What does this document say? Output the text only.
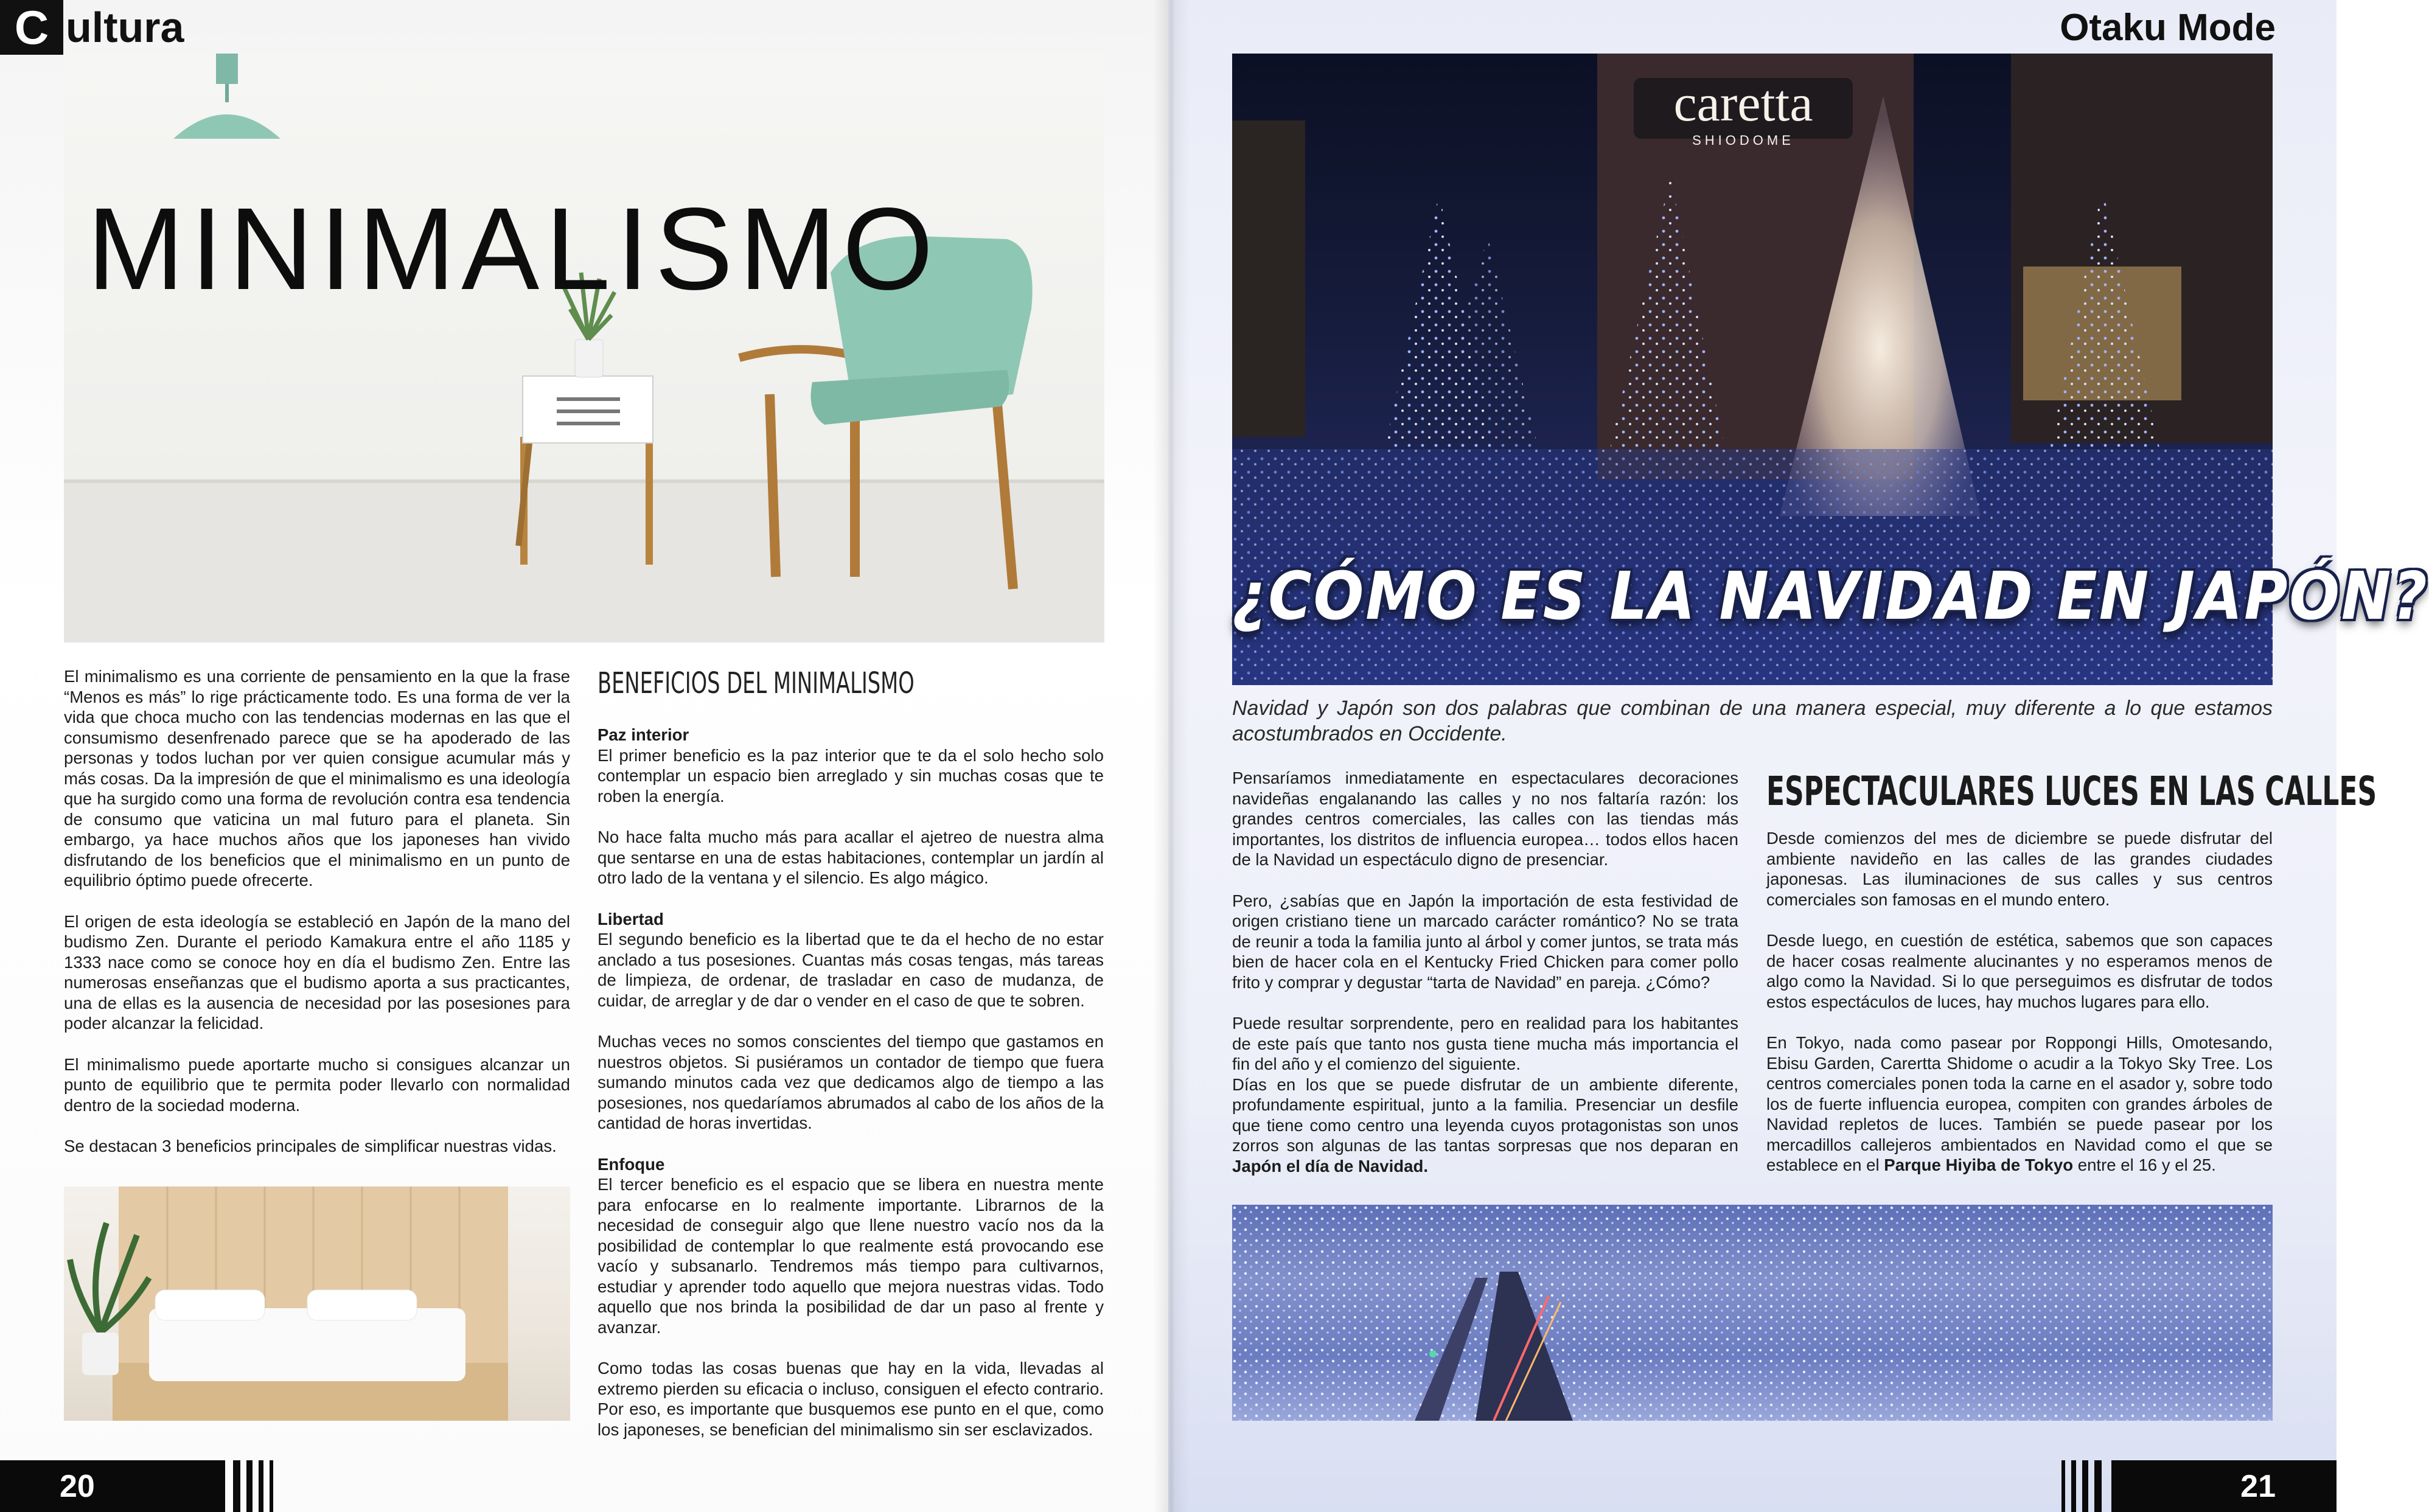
C ultura
MINIMALISMO

El minimalismo es una corriente de pensamiento en la que la frase “Menos es más” lo rige prácticamente todo. Es una forma de ver la vida que choca mucho con las tendencias modernas en las que el consumismo desenfrenado parece que se ha apoderado de las personas y todos luchan por ver quien consigue acumular más y más cosas. Da la impresión de que el minimalismo es una ideología que ha surgido como una forma de revolución contra esa tendencia de consumo que vaticina un mal futuro para el planeta. Sin embargo, ya hace muchos años que los japoneses han vivido disfrutando de los beneficios que el minimalismo en un punto de equilibrio óptimo puede ofrecerte.

El origen de esta ideología se estableció en Japón de la mano del budismo Zen. Durante el periodo Kamakura entre el año 1185 y 1333 nace como se conoce hoy en día el budismo Zen. Entre las numerosas enseñanzas que el budismo aporta a sus practicantes, una de ellas es la ausencia de necesidad por las posesiones para poder alcanzar la felicidad.

El minimalismo puede aportarte mucho si consigues alcanzar un punto de equilibrio que te permita poder llevarlo con normalidad dentro de la sociedad moderna.

Se destacan 3 beneficios principales de simplificar nuestras vidas.

BENEFICIOS DEL MINIMALISMO

Paz interior

El primer beneficio es la paz interior que te da el solo hecho solo contemplar un espacio bien arreglado y sin muchas cosas que te roben la energía.

No hace falta mucho más para acallar el ajetreo de nuestra alma que sentarse en una de estas habitaciones, contemplar un jardín al otro lado de la ventana y el silencio. Es algo mágico.

Libertad

El segundo beneficio es la libertad que te da el hecho de no estar anclado a tus posesiones. Cuantas más cosas tengas, más tareas de limpieza, de ordenar, de trasladar en caso de mudanza, de cuidar, de arreglar y de dar o vender en el caso de que te sobren.

Muchas veces no somos conscientes del tiempo que gastamos en nuestros objetos. Si pusiéramos un contador de tiempo que fuera sumando minutos cada vez que dedicamos algo de tiempo a las posesiones, nos quedaríamos abrumados al cabo de los años de la cantidad de horas invertidas.

Enfoque

El tercer beneficio es el espacio que se libera en nuestra mente para enfocarse en lo realmente importante. Librarnos de la necesidad de conseguir algo que llene nuestro vacío nos da la posibilidad de contemplar lo que realmente está provocando ese vacío y subsanarlo. Tendremos más tiempo para cultivarnos, estudiar y aprender todo aquello que mejora nuestras vidas. Todo aquello que nos brinda la posibilidad de dar un paso al frente y avanzar.

Como todas las cosas buenas que hay en la vida, llevadas al extremo pierden su eficacia o incluso, consiguen el efecto contrario. Por eso, es importante que busquemos ese punto en el que, como los japoneses, se benefician del minimalismo sin ser esclavizados.

20
Otaku Mode
caretta
SHIODOME
¿CÓMO ES LA NAVIDAD EN JAPÓN?

Navidad y Japón son dos palabras que combinan de una manera especial, muy diferente a lo que estamos acostumbrados en Occidente.

Pensaríamos inmediatamente en espectaculares decoraciones navideñas engalanando las calles y no nos faltaría razón: los grandes centros comerciales, las calles con las tiendas más importantes, los distritos de influencia europea… todos ellos hacen de la Navidad un espectáculo digno de presenciar.

Pero, ¿sabías que en Japón la importación de esta festividad de origen cristiano tiene un marcado carácter romántico? No se trata de reunir a toda la familia junto al árbol y comer juntos, se trata más bien de hacer cola en el Kentucky Fried Chicken para comer pollo frito y comprar y degustar “tarta de Navidad” en pareja. ¿Cómo?

Puede resultar sorprendente, pero en realidad para los habitantes de este país que tanto nos gusta tiene mucha más importancia el fin del año y el comienzo del siguiente.

Días en los que se puede disfrutar de un ambiente diferente, profundamente espiritual, junto a la familia. Presenciar un desfile que tiene como centro una leyenda cuyos protagonistas son unos zorros son algunas de las tantas sorpresas que nos deparan en Japón el día de Navidad.

ESPECTACULARES LUCES EN LAS CALLES

Desde comienzos del mes de diciembre se puede disfrutar del ambiente navideño en las calles de las grandes ciudades japonesas. Las iluminaciones de sus calles y sus centros comerciales son famosas en el mundo entero.

Desde luego, en cuestión de estética, sabemos que son capaces de hacer cosas realmente alucinantes y no esperamos menos de algo como la Navidad. Si lo que perseguimos es disfrutar de todos estos espectáculos de luces, hay muchos lugares para ello.

En Tokyo, nada como pasear por Roppongi Hills, Omotesando, Ebisu Garden, Carertta Shidome o acudir a la Tokyo Sky Tree. Los centros comerciales ponen toda la carne en el asador y, sobre todo los de fuerte influencia europea, compiten con grandes árboles de Navidad repletos de luces. También se puede pasear por los mercadillos callejeros ambientados en Navidad como el que se establece en el Parque Hiyiba de Tokyo entre el 16 y el 25.

21
